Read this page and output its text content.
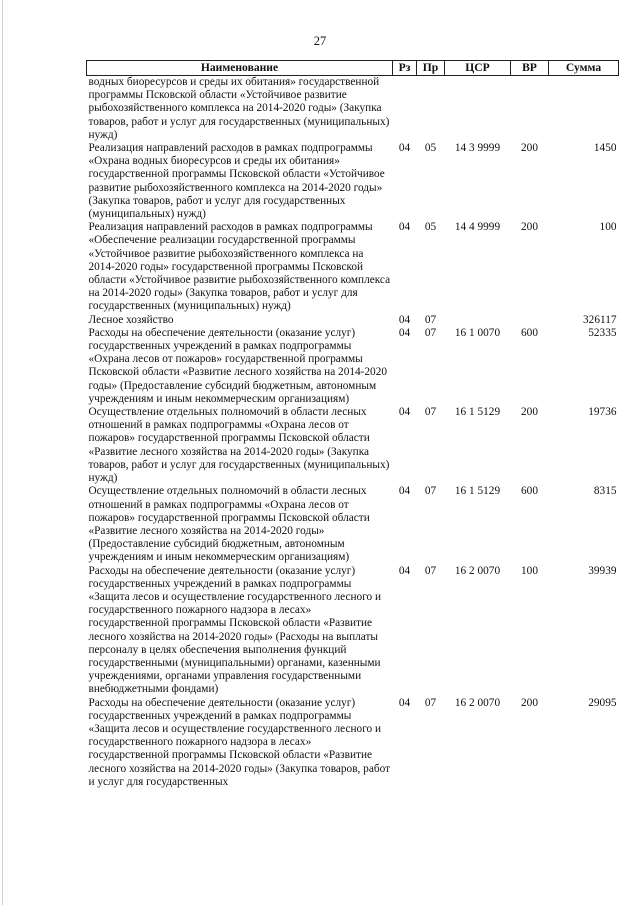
27
Наименование	Рз	Пр	ЦСР	ВР	Сумма
водных биоресурсов и среды их обитания» государственной программы Псковской области «Устойчивое развитие рыбохозяйственного комплекса на 2014-2020 годы» (Закупка товаров, работ и услуг для государственных (муниципальных) нужд)					
Реализация направлений расходов в рамках подпрограммы «Охрана водных биоресурсов и среды их обитания» государственной программы Псковской области «Устойчивое развитие рыбохозяйственного комплекса на 2014-2020 годы» (Закупка товаров, работ и услуг для государственных (муниципальных) нужд)	04	05	14 3 9999	200	1450
Реализация направлений расходов в рамках подпрограммы «Обеспечение реализации государственной программы «Устойчивое развитие рыбохозяйственного комплекса на 2014-2020 годы» государственной программы Псковской области «Устойчивое развитие рыбохозяйственного комплекса на 2014-2020 годы» (Закупка товаров, работ и услуг для государственных (муниципальных) нужд)	04	05	14 4 9999	200	100
Лесное хозяйство	04	07			326117
Расходы на обеспечение деятельности (оказание услуг) государственных учреждений в рамках подпрограммы «Охрана лесов от пожаров» государственной программы Псковской области «Развитие лесного хозяйства на 2014-2020 годы» (Предоставление субсидий бюджетным, автономным учреждениям и иным некоммерческим организациям)	04	07	16 1 0070	600	52335
Осуществление отдельных полномочий в области лесных отношений в рамках подпрограммы «Охрана лесов от пожаров» государственной программы Псковской области «Развитие лесного хозяйства на 2014-2020 годы» (Закупка товаров, работ и услуг для государственных (муниципальных) нужд)	04	07	16 1 5129	200	19736
Осуществление отдельных полномочий в области лесных отношений в рамках подпрограммы «Охрана лесов от пожаров» государственной программы Псковской области «Развитие лесного хозяйства на 2014-2020 годы» (Предоставление субсидий бюджетным, автономным учреждениям и иным некоммерческим организациям)	04	07	16 1 5129	600	8315
Расходы на обеспечение деятельности (оказание услуг) государственных учреждений в рамках подпрограммы «Защита лесов и осуществление государственного лесного и государственного пожарного надзора в лесах» государственной программы Псковской области «Развитие лесного хозяйства на 2014-2020 годы» (Расходы на выплаты персоналу в целях обеспечения выполнения функций государственными (муниципальными) органами, казенными учреждениями, органами управления государственными внебюджетными фондами)	04	07	16 2 0070	100	39939
Расходы на обеспечение деятельности (оказание услуг) государственных учреждений в рамках подпрограммы «Защита лесов и осуществление государственного лесного и государственного пожарного надзора в лесах» государственной программы Псковской области «Развитие лесного хозяйства на 2014-2020 годы» (Закупка товаров, работ и услуг для государственных	04	07	16 2 0070	200	29095
